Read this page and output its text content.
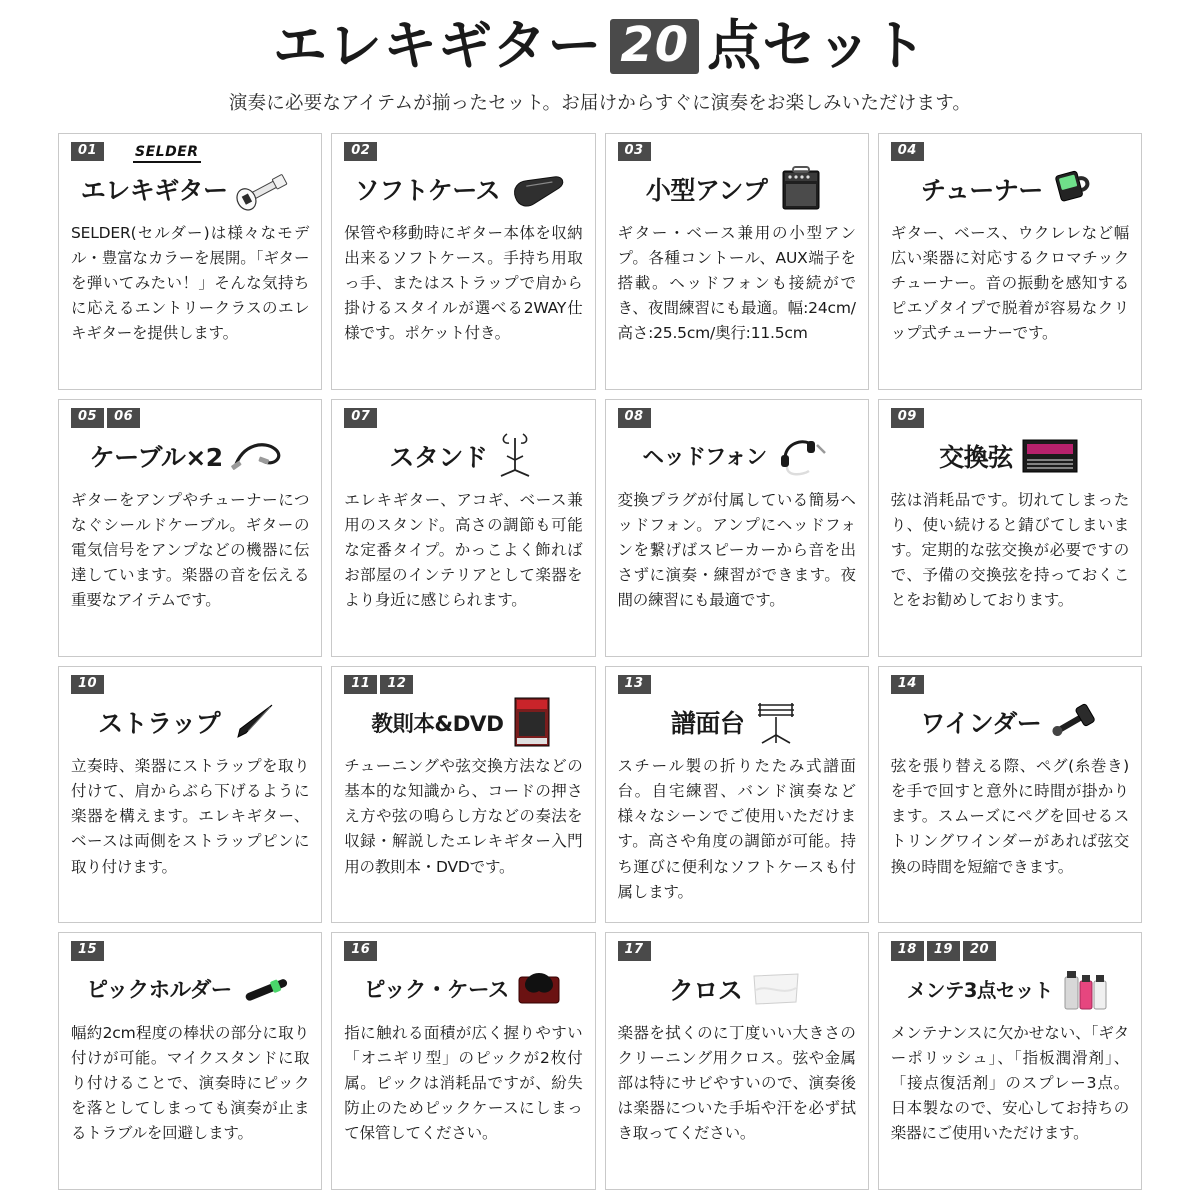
エレキギター 20 点セット
演奏に必要なアイテムが揃ったセット。お届けからすぐに演奏をお楽しみいただけます。
01	SELDER
エレキギター
SELDER(セルダー)は様々なモデル・豊富なカラーを展開。「ギターを弾いてみたい！」そんな気持ちに応えるエントリークラスのエレキギターを提供します。
02
ソフトケース
保管や移動時にギター本体を収納出来るソフトケース。手持ち用取っ手、またはストラップで肩から掛けるスタイルが選べる2WAY仕様です。ポケット付き。
03
小型アンプ
ギター・ベース兼用の小型アンプ。各種コントール、AUX端子を搭載。ヘッドフォンも接続ができ、夜間練習にも最適。幅:24cm/高さ:25.5cm/奥行:11.5cm
04
チューナー
ギター、ベース、ウクレレなど幅広い楽器に対応するクロマチックチューナー。音の振動を感知するピエゾタイプで脱着が容易なクリップ式チューナーです。
05	06
ケーブル×2
ギターをアンプやチューナーにつなぐシールドケーブル。ギターの電気信号をアンプなどの機器に伝達しています。楽器の音を伝える重要なアイテムです。
07
スタンド
エレキギター、アコギ、ベース兼用のスタンド。高さの調節も可能な定番タイプ。かっこよく飾ればお部屋のインテリアとして楽器をより身近に感じられます。
08
ヘッドフォン
変換プラグが付属している簡易ヘッドフォン。アンプにヘッドフォンを繋げばスピーカーから音を出さずに演奏・練習ができます。夜間の練習にも最適です。
09
交換弦
弦は消耗品です。切れてしまったり、使い続けると錆びてしまいます。定期的な弦交換が必要ですので、予備の交換弦を持っておくことをお勧めしております。
10
ストラップ
立奏時、楽器にストラップを取り付けて、肩からぶら下げるように楽器を構えます。エレキギター、ベースは両側をストラップピンに取り付けます。
11	12
教則本&DVD
チューニングや弦交換方法などの基本的な知識から、コードの押さえ方や弦の鳴らし方などの奏法を収録・解説したエレキギター入門用の教則本・DVDです。
13
譜面台
スチール製の折りたたみ式譜面台。自宅練習、バンド演奏など様々なシーンでご使用いただけます。高さや角度の調節が可能。持ち運びに便利なソフトケースも付属します。
14
ワインダー
弦を張り替える際、ペグ(糸巻き)を手で回すと意外に時間が掛かります。スムーズにペグを回せるストリングワインダーがあれば弦交換の時間を短縮できます。
15
ピックホルダー
幅約2cm程度の棒状の部分に取り付けが可能。マイクスタンドに取り付けることで、演奏時にピックを落としてしまっても演奏が止まるトラブルを回避します。
16
ピック・ケース
指に触れる面積が広く握りやすい「オニギリ型」のピックが2枚付属。ピックは消耗品ですが、紛失防止のためピックケースにしまって保管してください。
17
クロス
楽器を拭くのに丁度いい大きさのクリーニング用クロス。弦や金属部は特にサビやすいので、演奏後は楽器についた手垢や汗を必ず拭き取ってください。
18	19	20
メンテ3点セット
メンテナンスに欠かせない、「ギターポリッシュ」、「指板潤滑剤」、「接点復活剤」のスプレー3点。日本製なので、安心してお持ちの楽器にご使用いただけます。
